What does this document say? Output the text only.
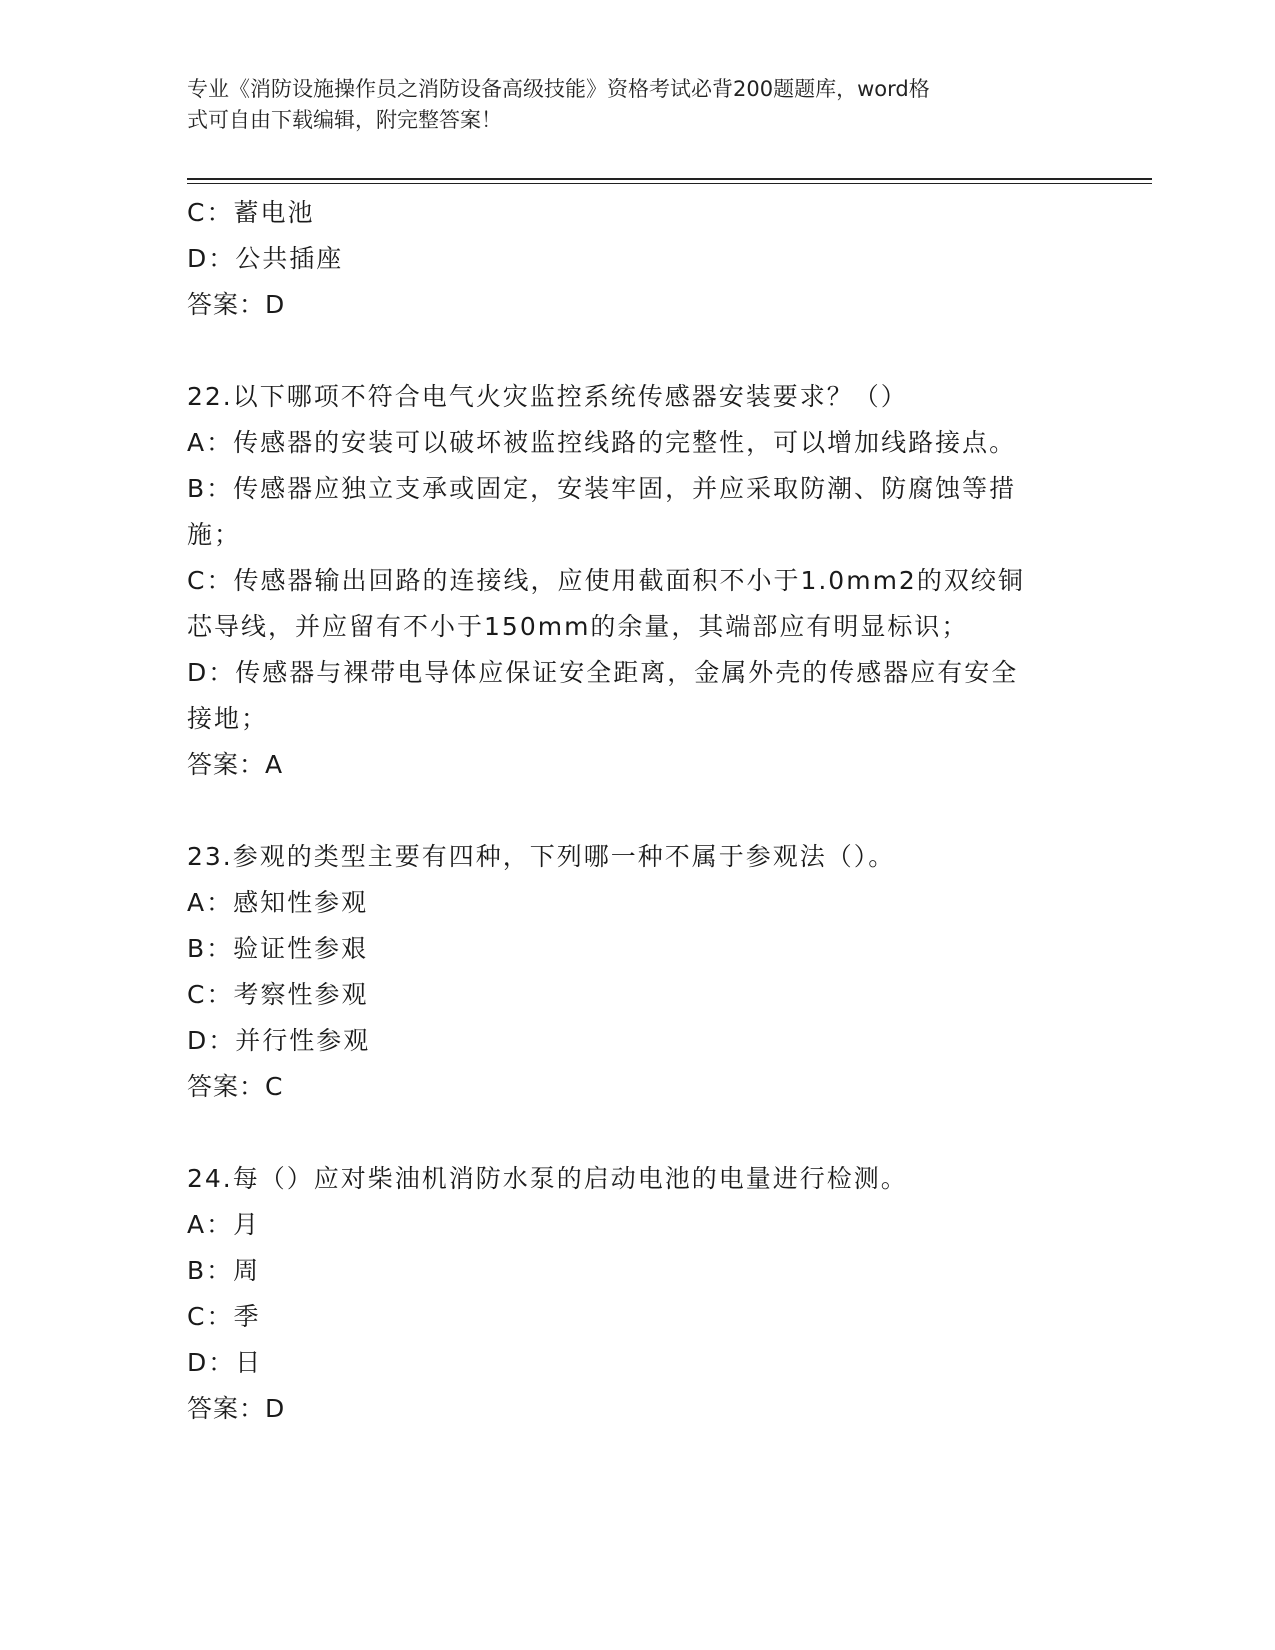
专业《消防设施操作员之消防设备高级技能》资格考试必背200题题库，word格
式可自由下载编辑，附完整答案！
C：蓄电池
D：公共插座
答案：D
22.以下哪项不符合电气火灾监控系统传感器安装要求？（）
A：传感器的安装可以破坏被监控线路的完整性，可以增加线路接点。
B：传感器应独立支承或固定，安装牢固，并应采取防潮、防腐蚀等措
施；
C：传感器输出回路的连接线，应使用截面积不小于1.0mm2的双绞铜
芯导线，并应留有不小于150mm的余量，其端部应有明显标识；
D：传感器与裸带电导体应保证安全距离，金属外壳的传感器应有安全
接地；
答案：A
23.参观的类型主要有四种，下列哪一种不属于参观法（）。
A：感知性参观
B：验证性参艰
C：考察性参观
D：并行性参观
答案：C
24.每（）应对柴油机消防水泵的启动电池的电量进行检测。
A：月
B：周
C：季
D：日
答案：D
